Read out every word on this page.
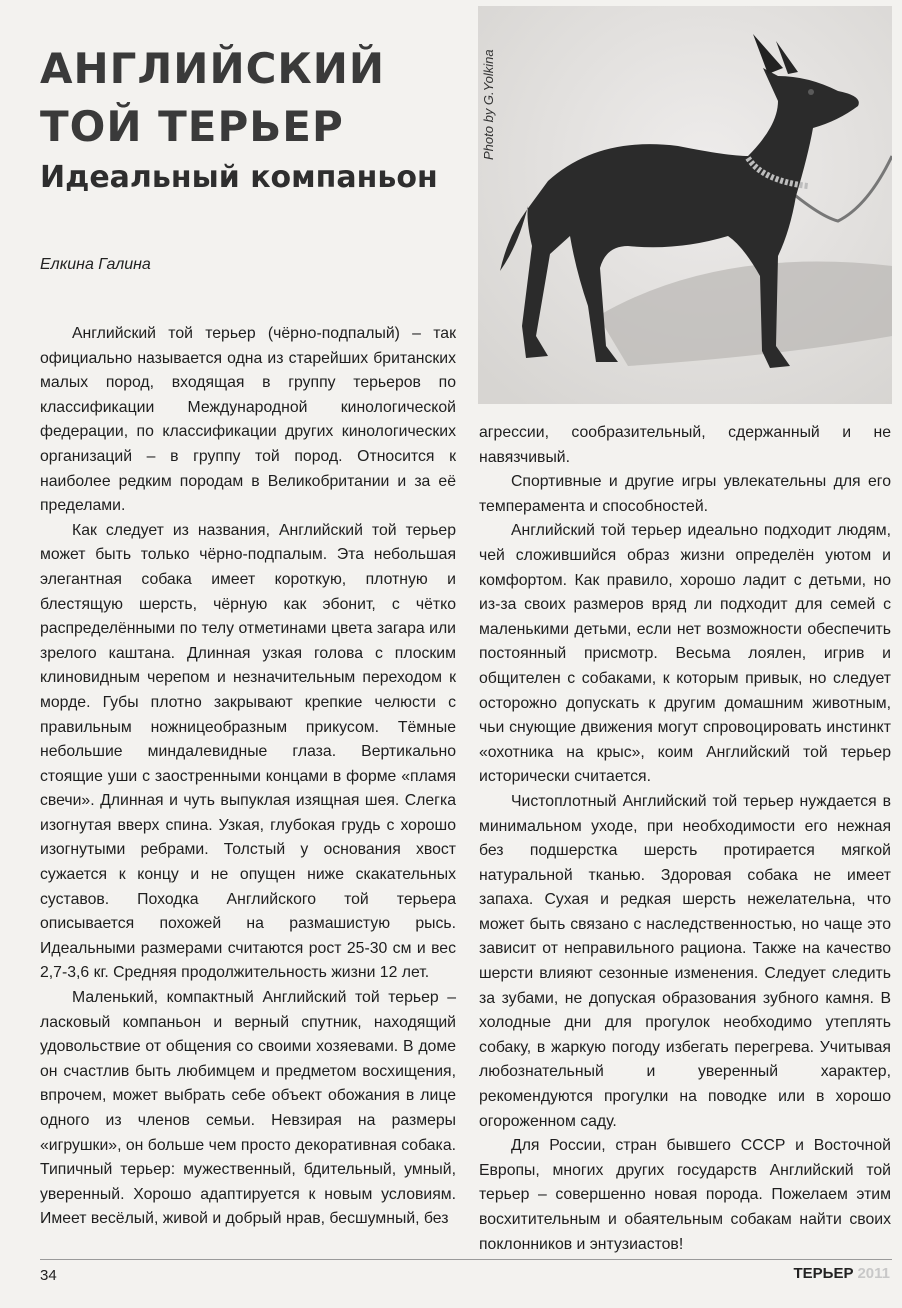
АНГЛИЙСКИЙ
ТОЙ ТЕРЬЕР
Идеальный компаньон
Елкина Галина
Photo by G.Yolkina

Английский той терьер (чёрно-подпалый) – так официально называется одна из старейших британских малых пород, входящая в группу терьеров по классификации Международной кинологической федерации, по классификации других кинологических организаций – в группу той пород. Относится к наиболее редким породам в Великобритании и за её пределами.

Как следует из названия, Английский той терьер может быть только чёрно-подпалым. Эта небольшая элегантная собака имеет короткую, плотную и блестящую шерсть, чёрную как эбонит, с чётко распределёнными по телу отметинами цвета загара или зрелого каштана. Длинная узкая голова с плоским клиновидным черепом и незначительным переходом к морде. Губы плотно закрывают крепкие челюсти с правильным ножницеобразным прикусом. Тёмные небольшие миндалевидные глаза. Вертикально стоящие уши с заостренными концами в форме «пламя свечи». Длинная и чуть выпуклая изящная шея. Слегка изогнутая вверх спина. Узкая, глубокая грудь с хорошо изогнутыми ребрами. Толстый у основания хвост сужается к концу и не опущен ниже скакательных суставов. Походка Английского той терьера описывается похожей на размашистую рысь. Идеальными размерами считаются рост 25-30 см и вес 2,7-3,6 кг. Средняя продолжительность жизни 12 лет.

Маленький, компактный Английский той терьер – ласковый компаньон и верный спутник, находящий удовольствие от общения со своими хозяевами. В доме он счастлив быть любимцем и предметом восхищения, впрочем, может выбрать себе объект обожания в лице одного из членов семьи. Невзирая на размеры «игрушки», он больше чем просто декоративная собака. Типичный терьер: мужественный, бдительный, умный, уверенный. Хорошо адаптируется к новым условиям. Имеет весёлый, живой и добрый нрав, бесшумный, без

агрессии, сообразительный, сдержанный и не навязчивый.

Спортивные и другие игры увлекательны для его темперамента и способностей.

Английский той терьер идеально подходит людям, чей сложившийся образ жизни определён уютом и комфортом. Как правило, хорошо ладит с детьми, но из-за своих размеров вряд ли подходит для семей с маленькими детьми, если нет возможности обеспечить постоянный присмотр. Весьма лоялен, игрив и общителен с собаками, к которым привык, но следует осторожно допускать к другим домашним животным, чьи снующие движения могут спровоцировать инстинкт «охотника на крыс», коим Английский той терьер исторически считается.

Чистоплотный Английский той терьер нуждается в минимальном уходе, при необходимости его нежная без подшерстка шерсть протирается мягкой натуральной тканью. Здоровая собака не имеет запаха. Сухая и редкая шерсть нежелательна, что может быть связано с наследственностью, но чаще это зависит от неправильного рациона. Также на качество шерсти влияют сезонные изменения. Следует следить за зубами, не допуская образования зубного камня. В холодные дни для прогулок необходимо утеплять собаку, в жаркую погоду избегать перегрева. Учитывая любознательный и уверенный характер, рекомендуются прогулки на поводке или в хорошо огороженном саду.

Для России, стран бывшего СССР и Восточной Европы, многих других государств Английский той терьер – совершенно новая порода. Пожелаем этим восхитительным и обаятельным собакам найти своих поклонников и энтузиастов!

34	ТЕРЬЕР 2011
